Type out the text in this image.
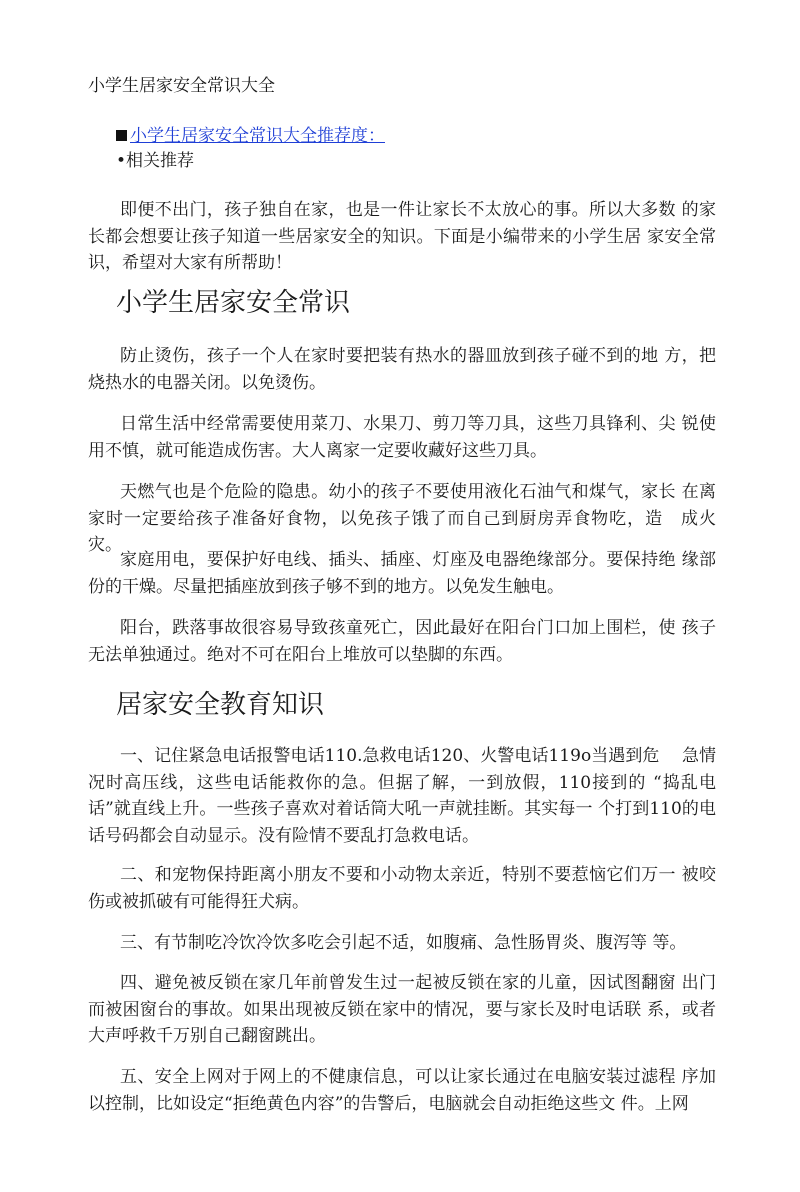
小学生居家安全常识大全
小学生居家安全常识大全推荐度：
•相关推荐

即便不出门，孩子独自在家，也是一件让家长不太放心的事。所以大多数 的家长都会想要让孩子知道一些居家安全的知识。下面是小编带来的小学生居 家安全常识，希望对大家有所帮助！

小学生居家安全常识

防止烫伤，孩子一个人在家时要把装有热水的器皿放到孩子碰不到的地 方，把烧热水的电器关闭。以免烫伤。

日常生活中经常需要使用菜刀、水果刀、剪刀等刀具，这些刀具锋利、尖 锐使用不慎，就可能造成伤害。大人离家一定要收藏好这些刀具。

天燃气也是个危险的隐患。幼小的孩子不要使用液化石油气和煤气，家长 在离家时一定要给孩子准备好食物，以免孩子饿了而自己到厨房弄食物吃，造　成火灾。

家庭用电，要保护好电线、插头、插座、灯座及电器绝缘部分。要保持绝 缘部份的干燥。尽量把插座放到孩子够不到的地方。以免发生触电。

阳台，跌落事故很容易导致孩童死亡，因此最好在阳台门口加上围栏，使 孩子无法单独通过。绝对不可在阳台上堆放可以垫脚的东西。

居家安全教育知识

一、记住紧急电话报警电话110.急救电话120、火警电话119o当遇到危　 急情况时高压线，这些电话能救你的急。但据了解，一到放假，110接到的 “捣乱电话”就直线上升。一些孩子喜欢对着话筒大吼一声就挂断。其实每一 个打到110的电话号码都会自动显示。没有险情不要乱打急救电话。

二、和宠物保持距离小朋友不要和小动物太亲近，特别不要惹恼它们万一 被咬伤或被抓破有可能得狂犬病。

三、有节制吃冷饮冷饮多吃会引起不适，如腹痛、急性肠胃炎、腹泻等 等。

四、避免被反锁在家几年前曾发生过一起被反锁在家的儿童，因试图翻窗 出门而被困窗台的事故。如果出现被反锁在家中的情况，要与家长及时电话联 系，或者大声呼救千万别自己翻窗跳出。

五、安全上网对于网上的不健康信息，可以让家长通过在电脑安装过滤程 序加以控制，比如设定“拒绝黄色内容”的告警后，电脑就会自动拒绝这些文 件。上网
